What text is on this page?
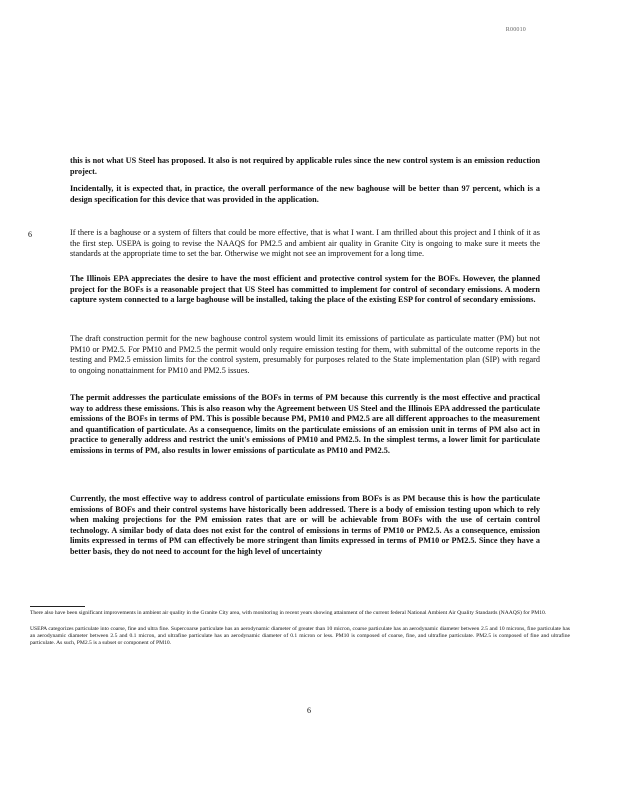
R00010

this is not what US Steel has proposed. It also is not required by applicable rules since the new control system is an emission reduction project.

Incidentally, it is expected that, in practice, the overall performance of the new baghouse will be better than 97 percent, which is a design specification for this device that was provided in the application.

6	If there is a baghouse or a system of filters that could be more effective, that is what I want. I am thrilled about this project and I think of it as the first step. USEPA is going to revise the NAAQS for PM2.5 and ambient air quality in Granite City is ongoing to make sure it meets the standards at the appropriate time to set the bar. Otherwise we might not see an improvement for a long time.

The Illinois EPA appreciates the desire to have the most efficient and protective control system for the BOFs. However, the planned project for the BOFs is a reasonable project that US Steel has committed to implement for control of secondary emissions. A modern capture system connected to a large baghouse will be installed, taking the place of the existing ESP for control of secondary emissions.

The draft construction permit for the new baghouse control system would limit its emissions of particulate as particulate matter (PM) but not PM10 or PM2.5. For PM10 and PM2.5 the permit would only require emission testing for them, with submittal of the outcome reports in the testing and PM2.5 emission limits for the control system, presumably for purposes related to the State implementation plan (SIP) with regard to ongoing nonattainment for PM10 and PM2.5 issues.

The permit addresses the particulate emissions of the BOFs in terms of PM because this currently is the most effective and practical way to address these emissions. This is also reason why the Agreement between US Steel and the Illinois EPA addressed the particulate emissions of the BOFs in terms of PM. This is possible because PM, PM10 and PM2.5 are all different approaches to the measurement and quantification of particulate. As a consequence, limits on the particulate emissions of an emission unit in terms of PM also act in practice to generally address and restrict the unit's emissions of PM10 and PM2.5. In the simplest terms, a lower limit for particulate emissions in terms of PM, also results in lower emissions of particulate as PM10 and PM2.5.

Currently, the most effective way to address control of particulate emissions from BOFs is as PM because this is how the particulate emissions of BOFs and their control systems have historically been addressed. There is a body of emission testing upon which to rely when making projections for the PM emission rates that are or will be achievable from BOFs with the use of certain control technology. A similar body of data does not exist for the control of emissions in terms of PM10 or PM2.5. As a consequence, emission limits expressed in terms of PM can effectively be more stringent than limits expressed in terms of PM10 or PM2.5. Since they have a better basis, they do not need to account for the high level of uncertainty

There also have been significant improvements in ambient air quality in the Granite City area, with monitoring in recent years showing attainment of the current federal National Ambient Air Quality Standards (NAAQS) for PM10.

USEPA categorizes particulate into coarse, fine and ultra fine. Supercoarse particulate has an aerodynamic diameter of greater than 10 micron, coarse particulate has an aerodynamic diameter between 2.5 and 10 microns, fine particulate has an aerodynamic diameter between 2.5 and 0.1 micron, and ultrafine particulate has an aerodynamic diameter of 0.1 micron or less. PM10 is composed of coarse, fine, and ultrafine particulate. PM2.5 is composed of fine and ultrafine particulate. As such, PM2.5 is a subset or component of PM10.

6
